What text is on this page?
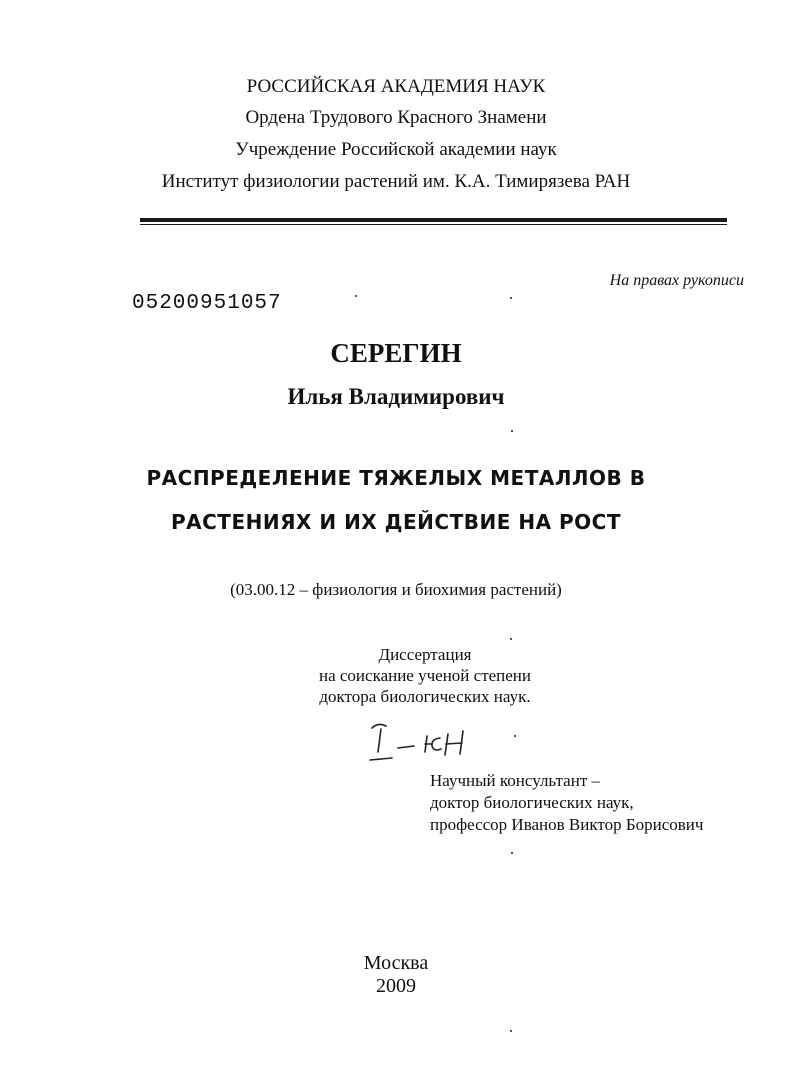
РОССИЙСКАЯ АКАДЕМИЯ НАУК
Ордена Трудового Красного Знамени
Учреждение Российской академии наук
Институт физиологии растений им. К.А. Тимирязева РАН
На правах рукописи
05200951057
СЕРЕГИН
Илья Владимирович
РАСПРЕДЕЛЕНИЕ ТЯЖЕЛЫХ МЕТАЛЛОВ В
РАСТЕНИЯХ И ИХ ДЕЙСТВИЕ НА РОСТ
(03.00.12 – физиология и биохимия растений)
Диссертация
на соискание ученой степени
доктора биологических наук.
Научный консультант –
доктор биологических наук,
профессор Иванов Виктор Борисович
Москва
2009
